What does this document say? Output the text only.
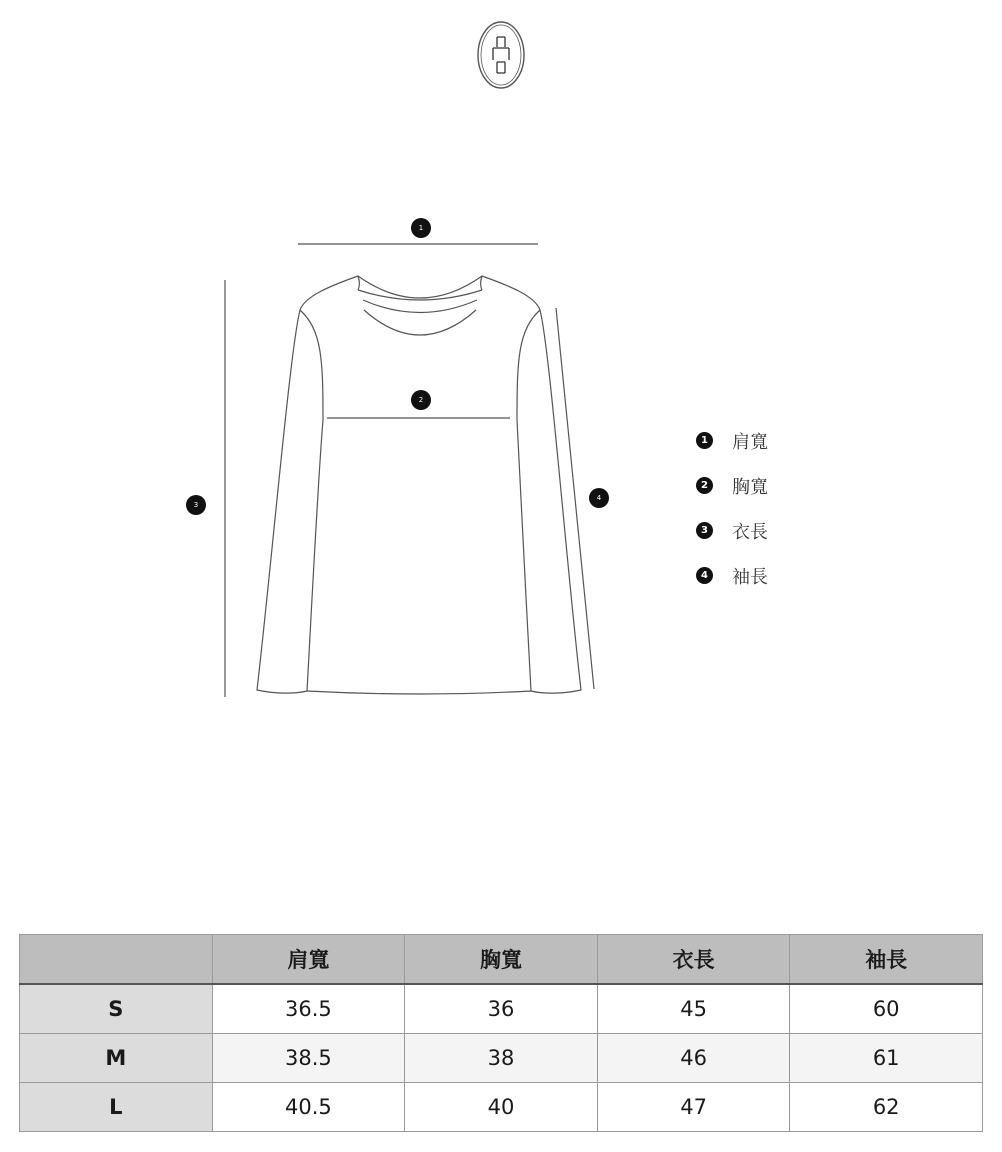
1
2
3
4
1 肩寬
2 胸寬
3 衣長
4 袖長
	肩寬	胸寬	衣長	袖長
S	36.5	36	45	60
M	38.5	38	46	61
L	40.5	40	47	62
